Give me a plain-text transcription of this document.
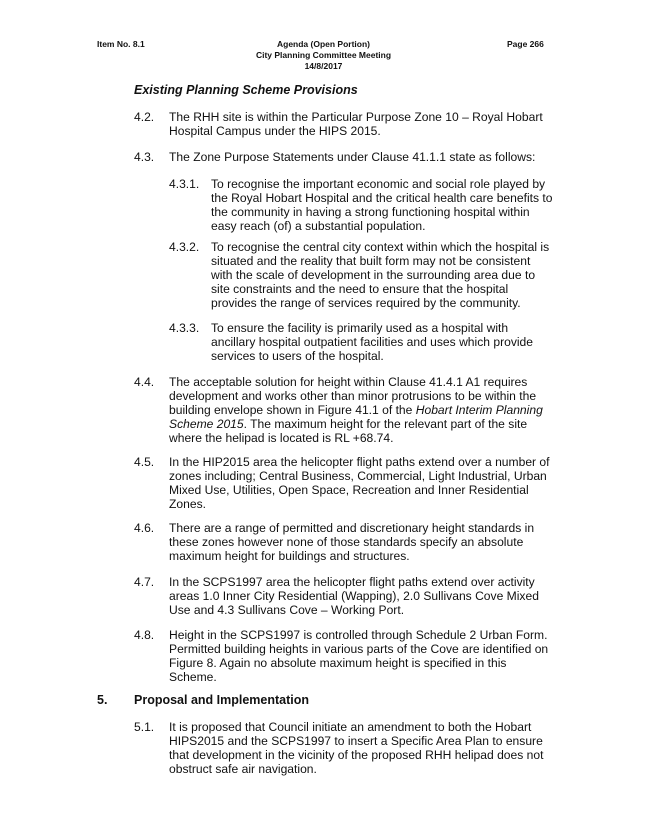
Item No. 8.1	Agenda (Open Portion)
City Planning Committee Meeting
14/8/2017
Page 266
Existing Planning Scheme Provisions
4.2. The RHH site is within the Particular Purpose Zone 10 – Royal Hobart
Hospital Campus under the HIPS 2015.
4.3. The Zone Purpose Statements under Clause 41.1.1 state as follows:
4.3.1. To recognise the important economic and social role played by
the Royal Hobart Hospital and the critical health care benefits to
the community in having a strong functioning hospital within
easy reach (of) a substantial population.
4.3.2. To recognise the central city context within which the hospital is
situated and the reality that built form may not be consistent
with the scale of development in the surrounding area due to
site constraints and the need to ensure that the hospital
provides the range of services required by the community.
4.3.3. To ensure the facility is primarily used as a hospital with
ancillary hospital outpatient facilities and uses which provide
services to users of the hospital.
4.4. The acceptable solution for height within Clause 41.4.1 A1 requires
development and works other than minor protrusions to be within the
building envelope shown in Figure 41.1 of the Hobart Interim Planning
Scheme 2015. The maximum height for the relevant part of the site
where the helipad is located is RL +68.74.
4.5. In the HIP2015 area the helicopter flight paths extend over a number of
zones including; Central Business, Commercial, Light Industrial, Urban
Mixed Use, Utilities, Open Space, Recreation and Inner Residential
Zones.
4.6. There are a range of permitted and discretionary height standards in
these zones however none of those standards specify an absolute
maximum height for buildings and structures.
4.7. In the SCPS1997 area the helicopter flight paths extend over activity
areas 1.0 Inner City Residential (Wapping), 2.0 Sullivans Cove Mixed
Use and 4.3 Sullivans Cove – Working Port.
4.8. Height in the SCPS1997 is controlled through Schedule 2 Urban Form.
Permitted building heights in various parts of the Cove are identified on
Figure 8. Again no absolute maximum height is specified in this
Scheme.
5. Proposal and Implementation
5.1. It is proposed that Council initiate an amendment to both the Hobart
HIPS2015 and the SCPS1997 to insert a Specific Area Plan to ensure
that development in the vicinity of the proposed RHH helipad does not
obstruct safe air navigation.
